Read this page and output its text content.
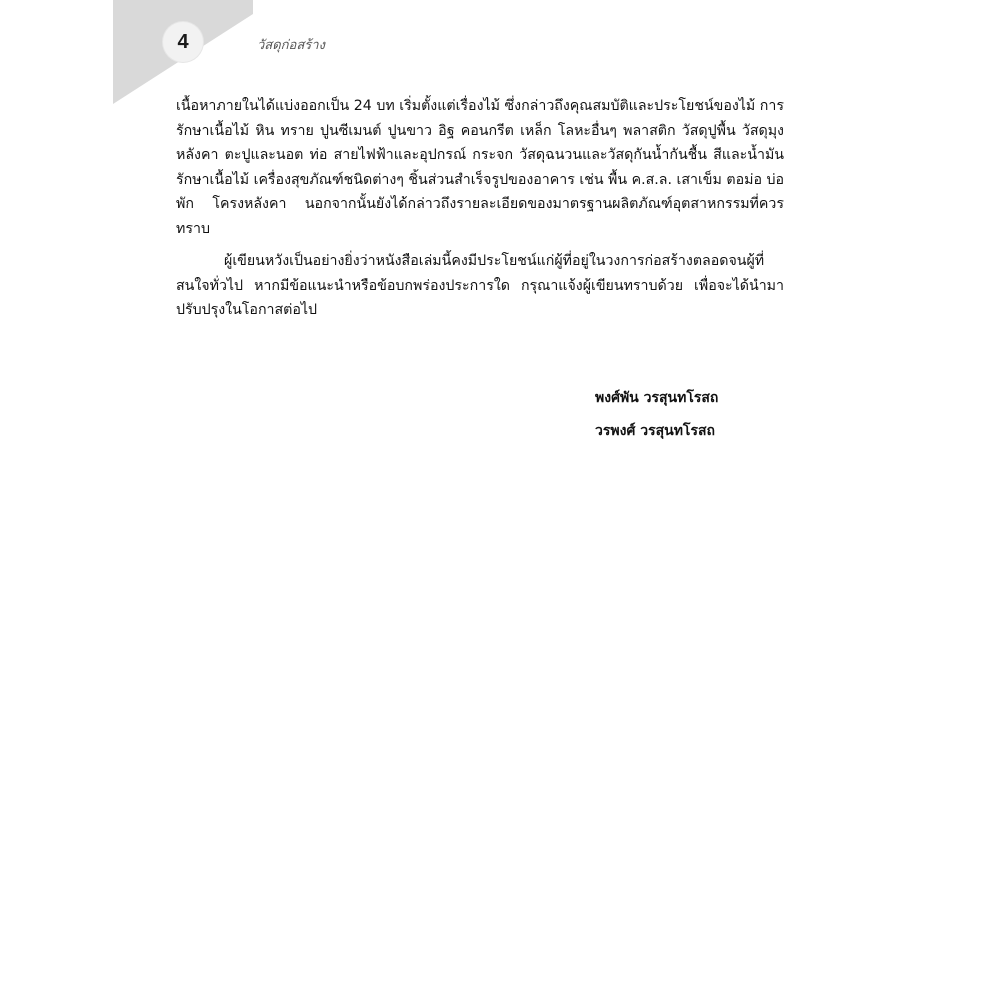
4	วัสดุก่อสร้าง

เนื้อหาภายในได้แบ่งออกเป็น 24 บท เริ่มตั้งแต่เรื่องไม้ ซึ่งกล่าวถึงคุณสมบัติและประโยชน์ของไม้ การรักษาเนื้อไม้ หิน ทราย ปูนซีเมนต์ ปูนขาว อิฐ คอนกรีต เหล็ก โลหะอื่นๆ พลาสติก วัสดุปูพื้น วัสดุมุงหลังคา ตะปูและนอต ท่อ สายไฟฟ้าและอุปกรณ์ กระจก วัสดุฉนวนและวัสดุกันน้ำกันชื้น สีและน้ำมันรักษาเนื้อไม้ เครื่องสุขภัณฑ์ชนิดต่างๆ ชิ้นส่วนสำเร็จรูปของอาคาร เช่น พื้น ค.ส.ล. เสาเข็ม ตอม่อ บ่อพัก โครงหลังคา นอกจากนั้นยังได้กล่าวถึงรายละเอียดของมาตรฐานผลิตภัณฑ์อุตสาหกรรมที่ควรทราบ

ผู้เขียนหวังเป็นอย่างยิ่งว่าหนังสือเล่มนี้คงมีประโยชน์แก่ผู้ที่อยู่ในวงการก่อสร้างตลอดจนผู้ที่สนใจทั่วไป หากมีข้อแนะนำหรือข้อบกพร่องประการใด กรุณาแจ้งผู้เขียนทราบด้วย เพื่อจะได้นำมาปรับปรุงในโอกาสต่อไป

พงศ์พัน วรสุนทโรสถ
วรพงศ์ วรสุนทโรสถ
